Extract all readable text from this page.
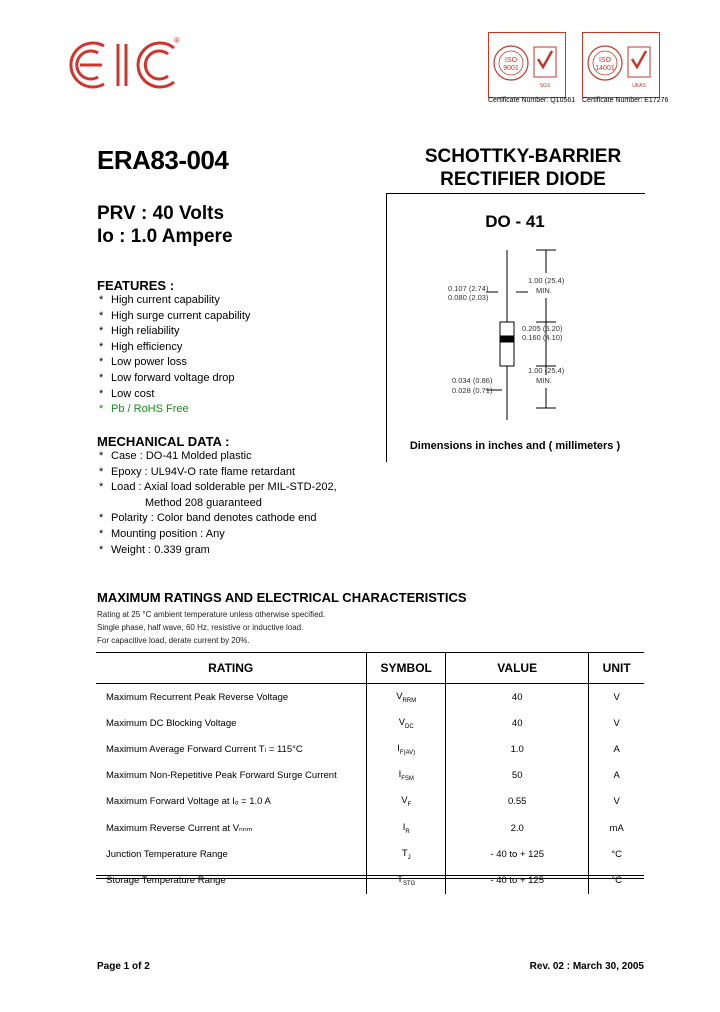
®
ISO
9001
SGS
Certificate Number: Q10561
ISO
14001
UKAS
Certificate Number: E17276
ERA83-004	SCHOTTKY-BARRIER
RECTIFIER DIODE
PRV : 40 Volts
Io : 1.0 Ampere
FEATURES :
* High current capability
* High surge current capability
* High reliability
* High efficiency
* Low power loss
* Low forward voltage drop
* Low cost
* Pb / RoHS Free
MECHANICAL DATA :
* Case : DO-41 Molded plastic
* Epoxy : UL94V-O rate flame retardant
* Load : Axial load solderable per MIL-STD-202,
Method 208 guaranteed
* Polarity : Color band denotes cathode end
* Mounting position : Any
* Weight : 0.339 gram
DO - 41
0.107 (2.74)
0.080 (2.03)
1.00 (25.4)
MIN.
0.205 (5.20)
0.160 (4.10)
1.00 (25.4)
MIN.
0.034 (0.86)
0.028 (0.71)
Dimensions in inches and ( millimeters )
MAXIMUM RATINGS AND ELECTRICAL CHARACTERISTICS
Rating at 25 °C ambient temperature unless otherwise specified.
Single phase, half wave, 60 Hz, resistive or inductive load.
For capacitive load, derate current by 20%.
RATING	SYMBOL	VALUE	UNIT
Maximum Recurrent Peak Reverse Voltage	$V_{RRM}$	40	V
Maximum DC Blocking Voltage	$V_{DC}$	40	V
Maximum Average Forward Current Tₗ = 115°C	$I_{F(AV)}$	1.0	A
Maximum Non-Repetitive Peak Forward Surge Current	$I_{FSM}$	50	A
Maximum Forward Voltage at Iₒ = 1.0 A	$V_F$	0.55	V
Maximum Reverse Current at Vₙₙₘ	$I_R$	2.0	mA
Junction Temperature Range	$T_J$	- 40 to + 125	°C
Storage Temperature Range	$T_{STG}$	- 40 to + 125	°C
Page 1 of 2	Rev. 02 : March 30, 2005
